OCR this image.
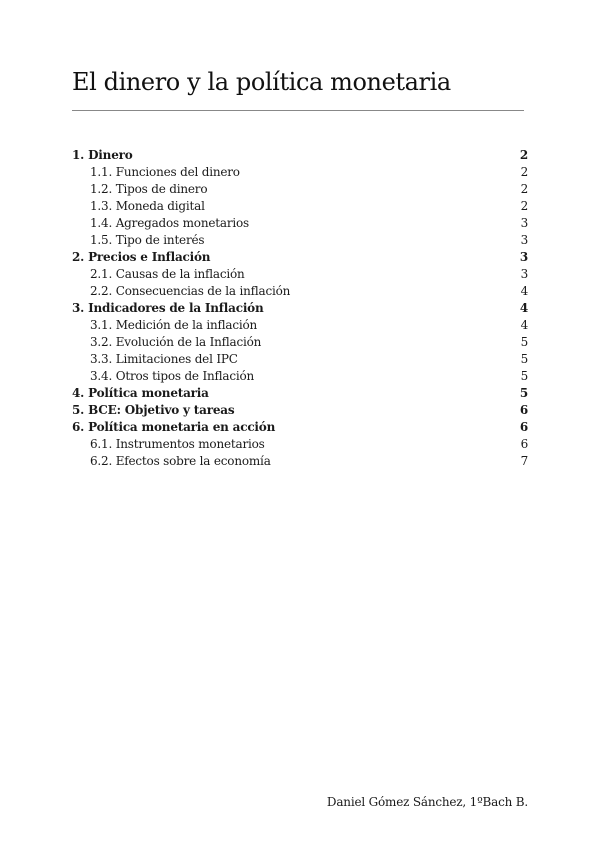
El dinero y la política monetaria
1. Dinero	2
1.1. Funciones del dinero	2
1.2. Tipos de dinero	2
1.3. Moneda digital	2
1.4. Agregados monetarios	3
1.5. Tipo de interés	3
2. Precios e Inflación	3
2.1. Causas de la inflación	3
2.2. Consecuencias de la inflación	4
3. Indicadores de la Inflación	4
3.1. Medición de la inflación	4
3.2. Evolución de la Inflación	5
3.3. Limitaciones del IPC	5
3.4. Otros tipos de Inflación	5
4. Política monetaria	5
5. BCE: Objetivo y tareas	6
6. Política monetaria en acción	6
6.1. Instrumentos monetarios	6
6.2. Efectos sobre la economía	7
Daniel Gómez Sánchez, 1ºBach B.
